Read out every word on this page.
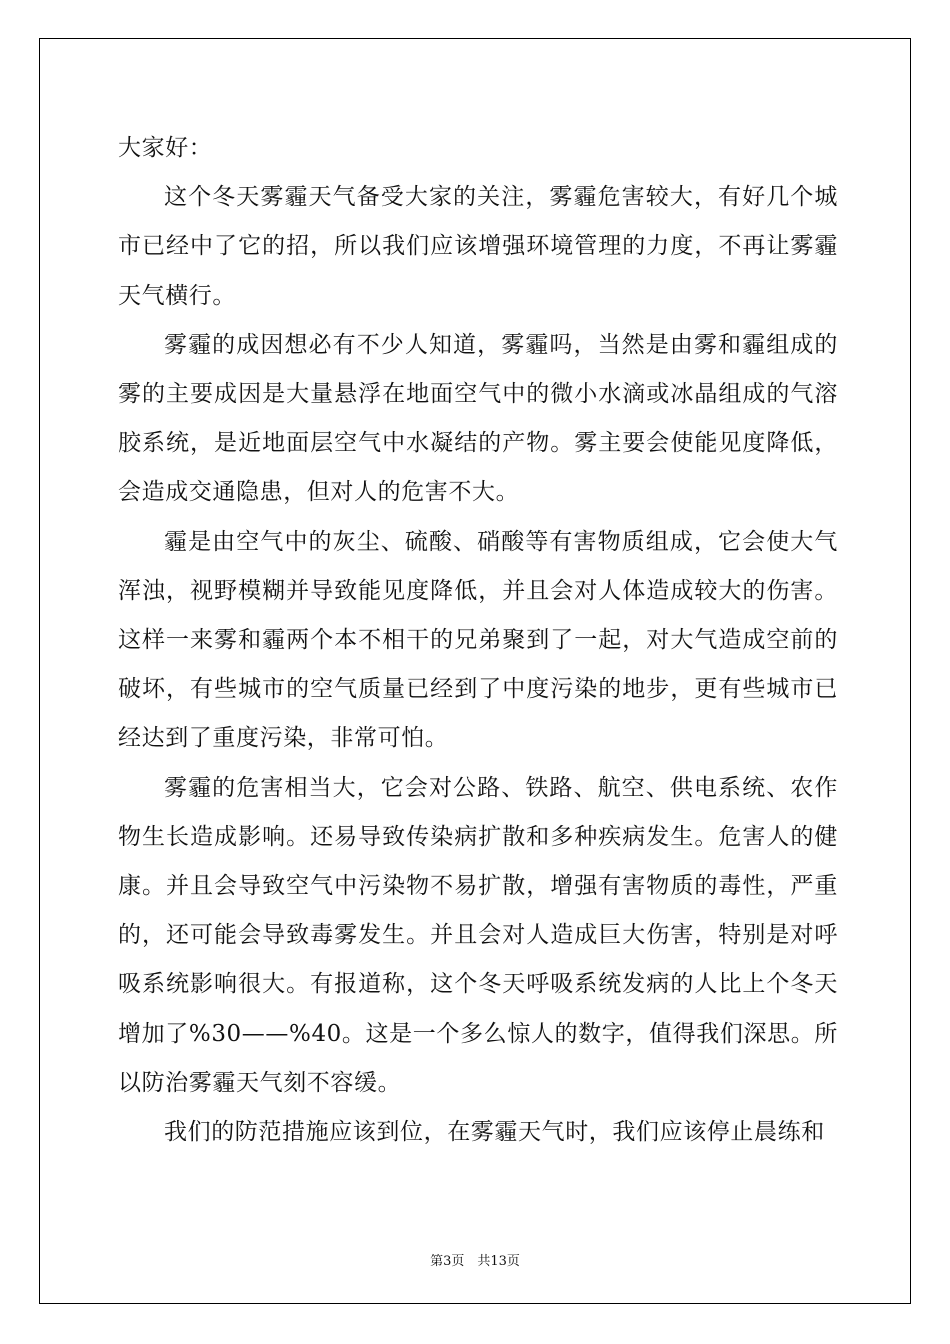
大家好：

这个冬天雾霾天气备受大家的关注，雾霾危害较大，有好几个城市已经中了它的招，所以我们应该增强环境管理的力度，不再让雾霾天气横行。

雾霾的成因想必有不少人知道，雾霾吗，当然是由雾和霾组成的雾的主要成因是大量悬浮在地面空气中的微小水滴或冰晶组成的气溶胶系统，是近地面层空气中水凝结的产物。雾主要会使能见度降低，会造成交通隐患，但对人的危害不大。

霾是由空气中的灰尘、硫酸、硝酸等有害物质组成，它会使大气浑浊，视野模糊并导致能见度降低，并且会对人体造成较大的伤害。这样一来雾和霾两个本不相干的兄弟聚到了一起，对大气造成空前的破坏，有些城市的空气质量已经到了中度污染的地步，更有些城市已经达到了重度污染，非常可怕。

雾霾的危害相当大，它会对公路、铁路、航空、供电系统、农作物生长造成影响。还易导致传染病扩散和多种疾病发生。危害人的健康。并且会导致空气中污染物不易扩散，增强有害物质的毒性，严重的，还可能会导致毒雾发生。并且会对人造成巨大伤害，特别是对呼吸系统影响很大。有报道称，这个冬天呼吸系统发病的人比上个冬天增加了%30——%40。这是一个多么惊人的数字，值得我们深思。所以防治雾霾天气刻不容缓。

我们的防范措施应该到位，在雾霾天气时，我们应该停止晨练和

第3页　共13页
